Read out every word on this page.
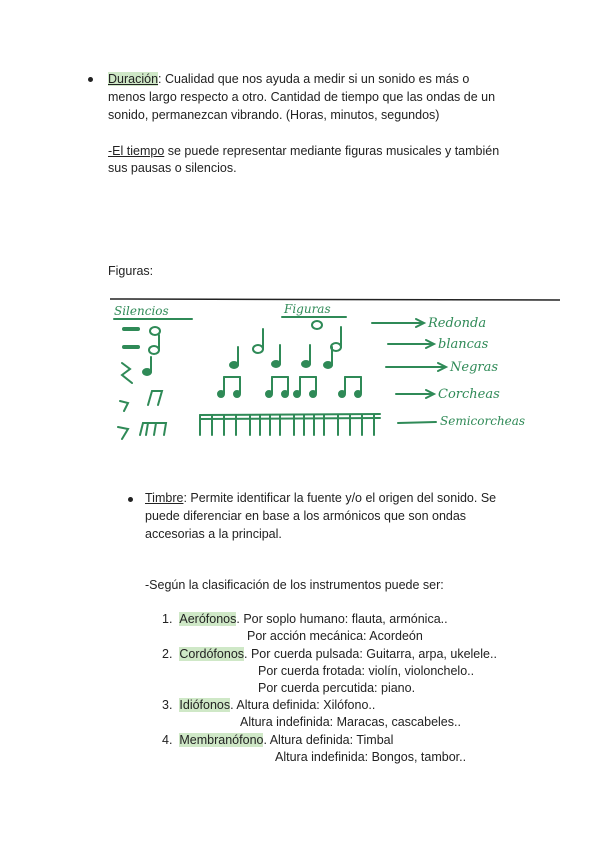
Duración: Cualidad que nos ayuda a medir si un sonido es más o
menos largo respecto a otro. Cantidad de tiempo que las ondas de un
sonido, permanezcan vibrando. (Horas, minutos, segundos)
-El tiempo se puede representar mediante figuras musicales y también
sus pausas o silencios.
Figuras:
Silencios	Figuras
Redonda
blancas
Negras
Corcheas
Semicorcheas
Timbre: Permite identificar la fuente y/o el origen del sonido. Se
puede diferenciar en base a los armónicos que son ondas
accesorias a la principal.
-Según la clasificación de los instrumentos puede ser:
1. Aerófonos. Por soplo humano: flauta, armónica..
Por acción mecánica: Acordeón
2. Cordófonos. Por cuerda pulsada: Guitarra, arpa, ukelele..
Por cuerda frotada: violín, violonchelo..
Por cuerda percutida: piano.
3. Idiófonos. Altura definida: Xilófono..
Altura indefinida: Maracas, cascabeles..
4. Membranófono. Altura definida: Timbal
Altura indefinida: Bongos, tambor..
